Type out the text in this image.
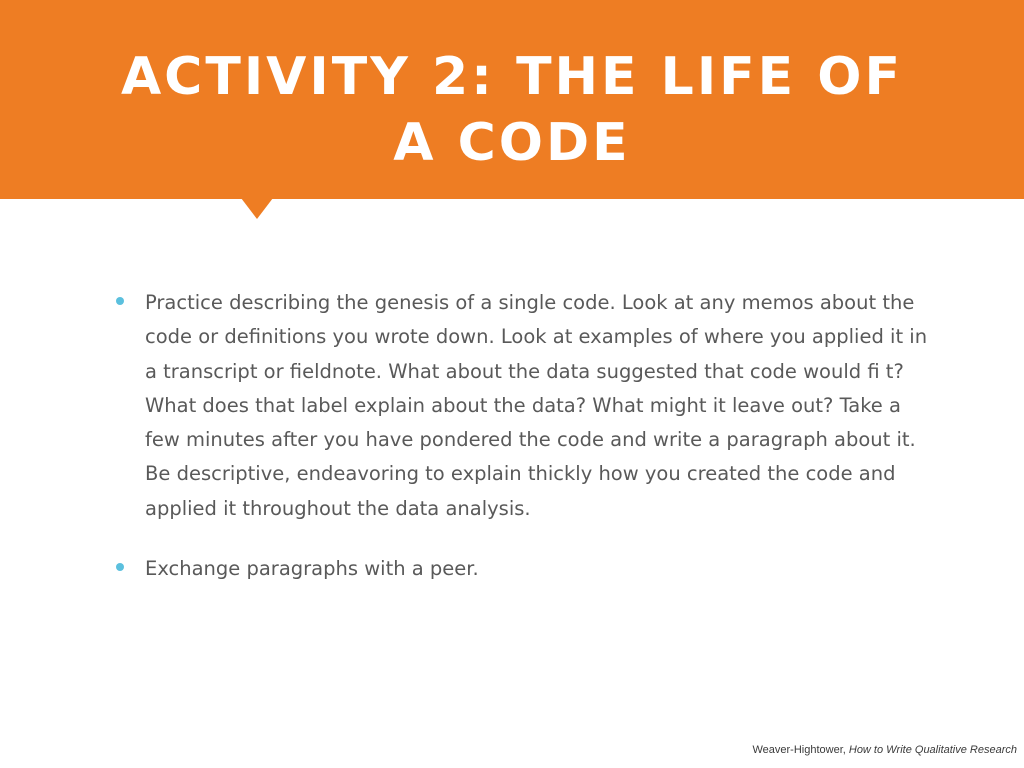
ACTIVITY 2: THE LIFE OF
A CODE
Practice describing the genesis of a single code. Look at any memos about the code or definitions you wrote down. Look at examples of where you applied it in a transcript or fieldnote. What about the data suggested that code would fi t? What does that label explain about the data? What might it leave out? Take a few minutes after you have pondered the code and write a paragraph about it. Be descriptive, endeavoring to explain thickly how you created the code and applied it throughout the data analysis.
Exchange paragraphs with a peer.
Weaver-Hightower, How to Write Qualitative Research
